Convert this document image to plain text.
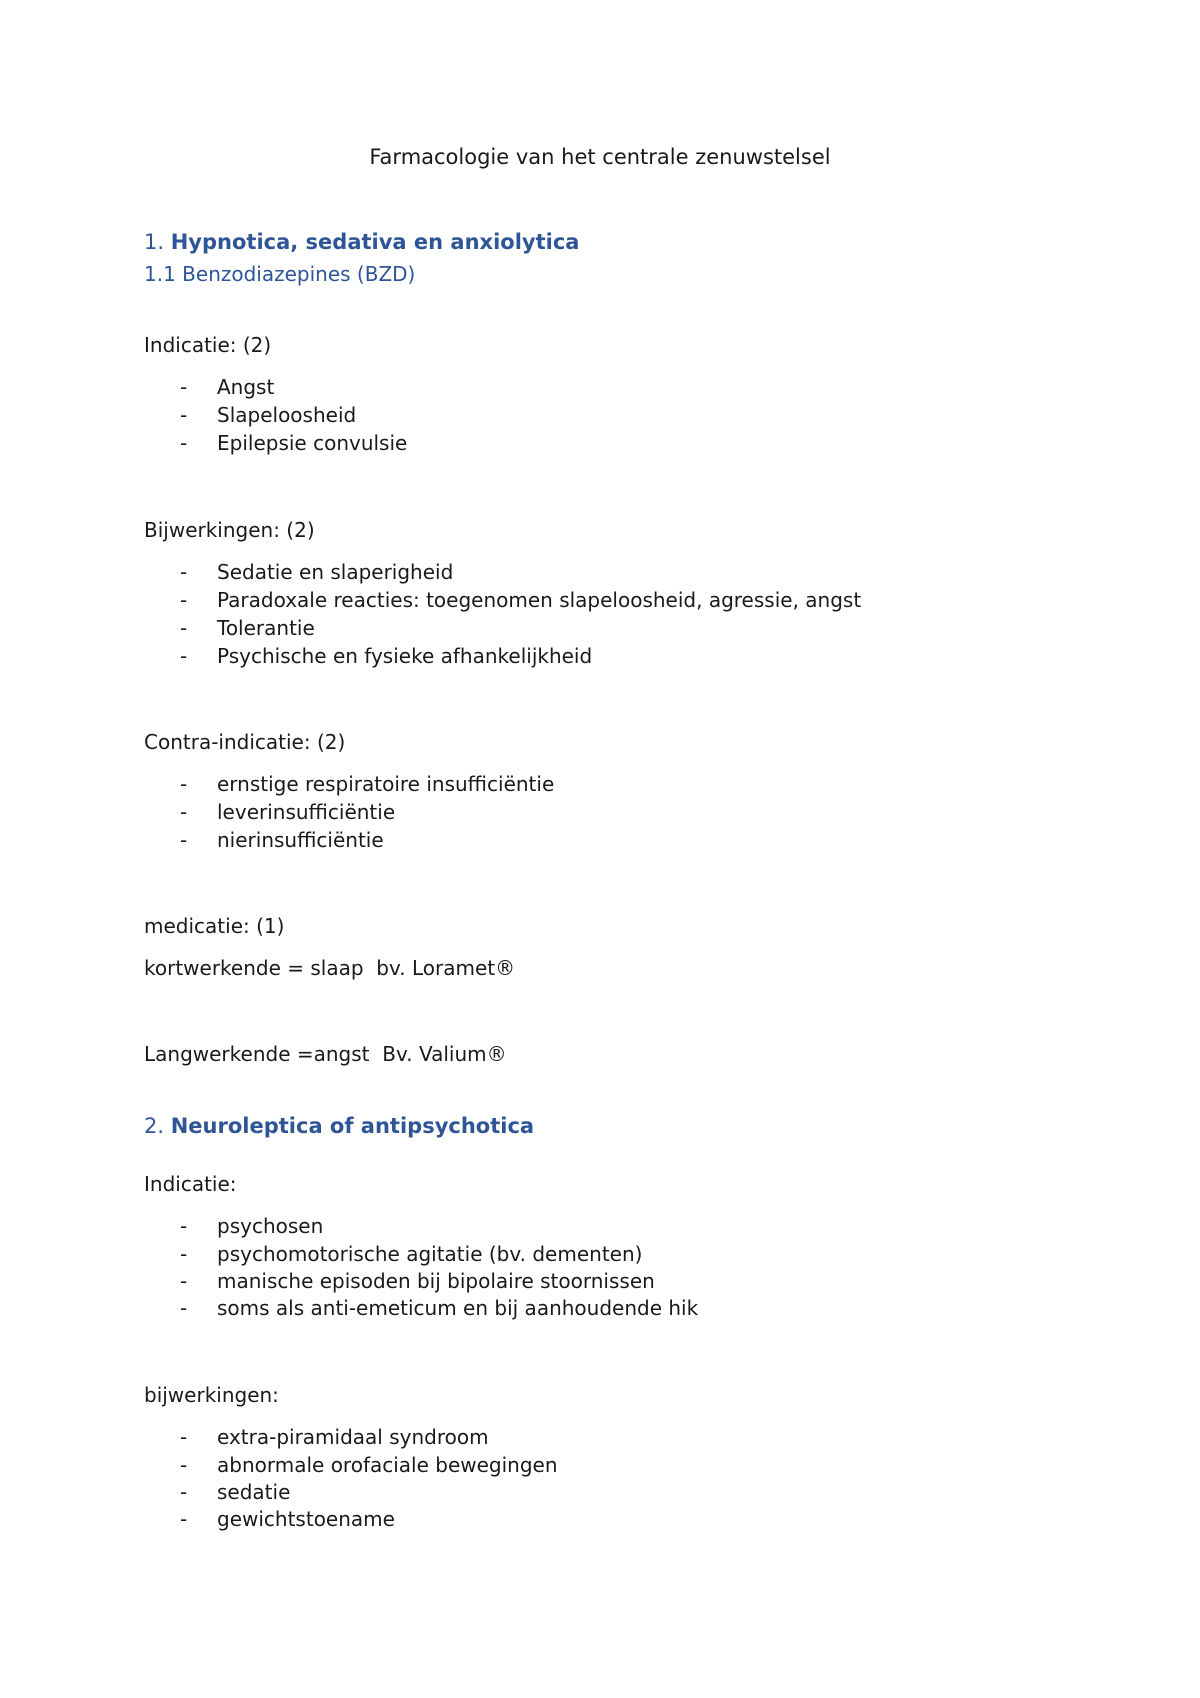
Farmacologie van het centrale zenuwstelsel
1. Hypnotica, sedativa en anxiolytica
1.1 Benzodiazepines (BZD)
Indicatie: (2)
- Angst
- Slapeloosheid
- Epilepsie convulsie
Bijwerkingen: (2)
- Sedatie en slaperigheid
- Paradoxale reacties: toegenomen slapeloosheid, agressie, angst
- Tolerantie
- Psychische en fysieke afhankelijkheid
Contra-indicatie: (2)
- ernstige respiratoire insufficiëntie
- leverinsufficiëntie
- nierinsufficiëntie
medicatie: (1)
kortwerkende = slaap  bv. Loramet®
Langwerkende =angst  Bv. Valium®
2. Neuroleptica of antipsychotica
Indicatie:
- psychosen
- psychomotorische agitatie (bv. dementen)
- manische episoden bij bipolaire stoornissen
- soms als anti-emeticum en bij aanhoudende hik
bijwerkingen:
- extra-piramidaal syndroom
- abnormale orofaciale bewegingen
- sedatie
- gewichtstoename
